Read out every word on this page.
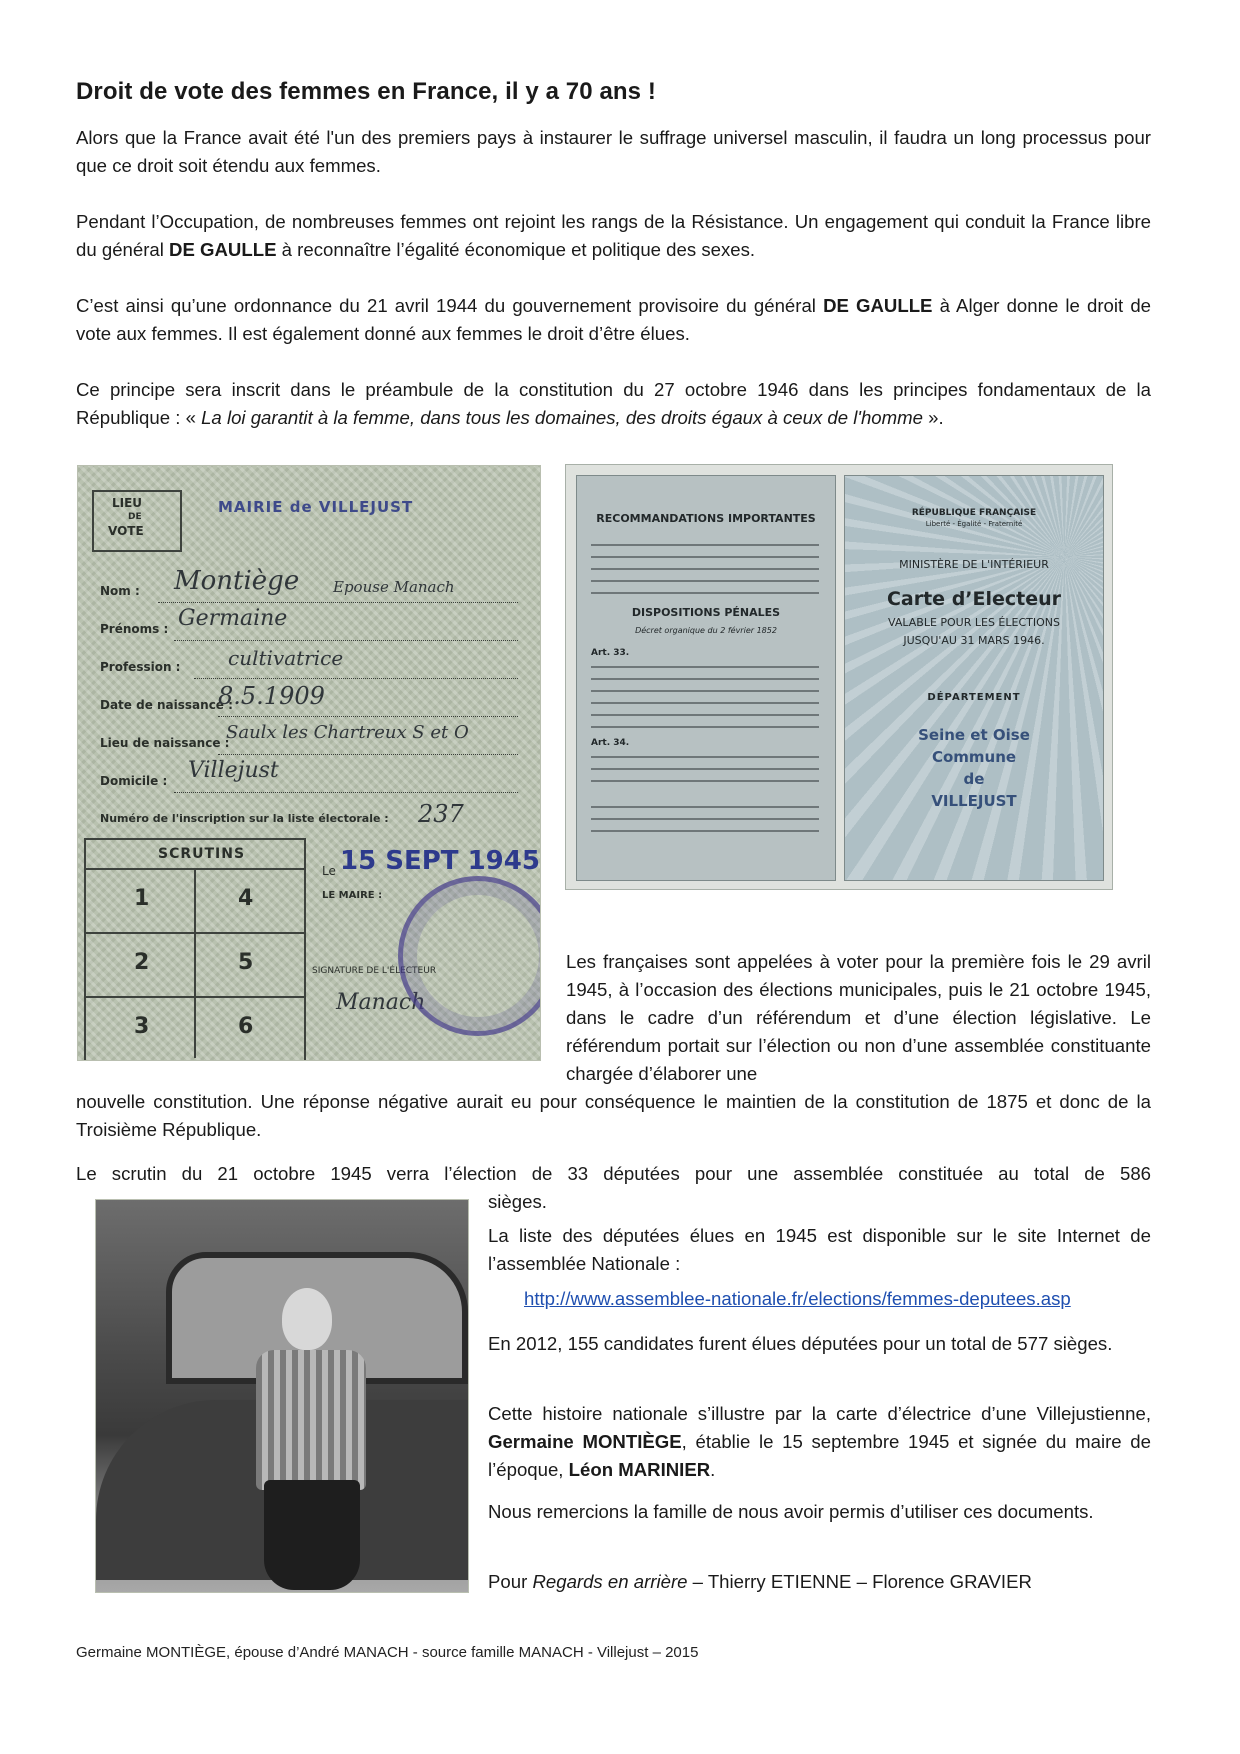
Droit de vote des femmes en France, il y a 70 ans !

Alors que la France avait été l'un des premiers pays à instaurer le suffrage universel masculin, il faudra un long processus pour que ce droit soit étendu aux femmes.

Pendant l’Occupation, de nombreuses femmes ont rejoint les rangs de la Résistance. Un engagement qui conduit la France libre du général DE GAULLE à reconnaître l’égalité économique et politique des sexes.

C’est ainsi qu’une ordonnance du 21 avril 1944 du gouvernement provisoire du général DE GAULLE à Alger donne le droit de vote aux femmes. Il est également donné aux femmes le droit d’être élues.

Ce principe sera inscrit dans le préambule de la constitution du 27 octobre 1946 dans les principes fondamentaux de la République : « La loi garantit à la femme, dans tous les domaines, des droits égaux à ceux de l'homme ».

LIEU
DE
VOTE
MAIRIE de VILLEJUST
Nom : Montiège Epouse Manach
Prénoms : Germaine
Profession : cultivatrice
Date de naissance :
8.5.1909
Lieu de naissance :
Saulx les Chartreux S et O
Domicile : Villejust
Numéro de l'inscription sur la liste électorale : 237
SCRUTINS
1
2
3
4
5
6
Le 15 SEPT 1945
LE MAIRE :
SIGNATURE DE L'ÉLECTEUR
Manach
RECOMMANDATIONS IMPORTANTES
DISPOSITIONS PÉNALES
Décret organique du 2 février 1852
Art. 33.
Art. 34.
RÉPUBLIQUE FRANÇAISE
Liberté - Égalité - Fraternité
MINISTÈRE DE L'INTÉRIEUR
Carte d’Electeur
VALABLE POUR LES ÉLECTIONS
JUSQU'AU 31 MARS 1946.
DÉPARTEMENT
Seine et Oise
Commune
de
VILLEJUST

Les françaises sont appelées à voter pour la première fois le 29 avril 1945, à l’occasion des élections municipales, puis le 21 octobre 1945, dans le cadre d’un référendum et d’une élection législative. Le référendum portait sur l’élection ou non d’une assemblée constituante chargée d’élaborer une

nouvelle constitution. Une réponse négative aurait eu pour conséquence le maintien de la constitution de 1875 et donc de la Troisième République.

Le scrutin du 21 octobre 1945 verra l’élection de 33 députées pour une assemblée constituée au total de 586

sièges.

La liste des députées élues en 1945 est disponible sur le site Internet de l’assemblée Nationale :

http://www.assemblee-nationale.fr/elections/femmes-deputees.asp

En 2012, 155 candidates furent élues députées pour un total de 577 sièges.

Cette histoire nationale s’illustre par la carte d’électrice d’une Villejustienne, Germaine MONTIÈGE, établie le 15 septembre 1945 et signée du maire de l’époque, Léon MARINIER.

Nous remercions la famille de nous avoir permis d’utiliser ces documents.

Pour Regards en arrière – Thierry ETIENNE – Florence GRAVIER

Germaine MONTIÈGE, épouse d’André MANACH - source famille MANACH - Villejust – 2015
